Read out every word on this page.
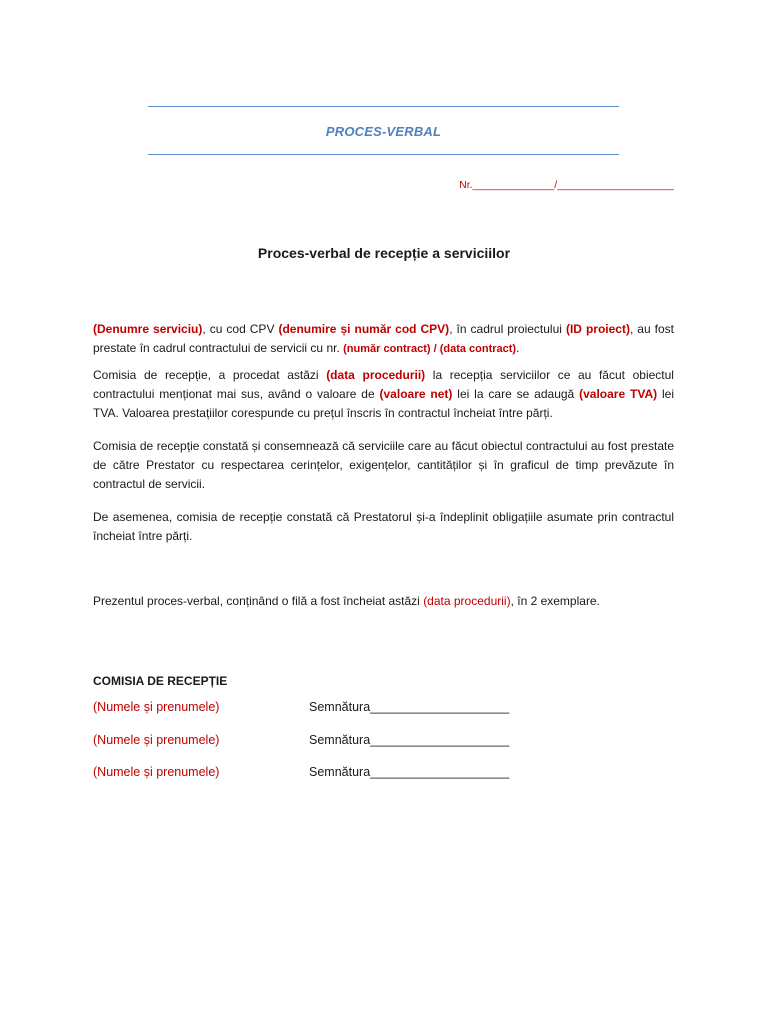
PROCES-VERBAL
Nr.______________/____________________
Proces-verbal de recepție a serviciilor

(Denumre serviciu), cu cod CPV (denumire și număr cod CPV), în cadrul proiectului (ID proiect), au fost prestate în cadrul contractului de servicii cu nr. (număr contract) / (data contract).

Comisia de recepție, a procedat astăzi (data procedurii) la recepția serviciilor ce au făcut obiectul contractului menționat mai sus, având o valoare de (valoare net) lei la care se adaugă (valoare TVA) lei TVA. Valoarea prestațiilor corespunde cu prețul înscris în contractul încheiat între părți.

Comisia de recepție constată și consemnează că serviciile care au făcut obiectul contractului au fost prestate de către Prestator cu respectarea cerințelor, exigențelor, cantităților și în graficul de timp prevăzute în contractul de servicii.

De asemenea, comisia de recepție constată că Prestatorul și-a îndeplinit obligațiile asumate prin contractul încheiat între părți.

Prezentul proces-verbal, conținând o filă a fost încheiat astăzi (data procedurii), în 2 exemplare.

COMISIA DE RECEPȚIE
(Numele și prenumele)	Semnătura____________________
(Numele și prenumele)	Semnătura____________________
(Numele și prenumele)	Semnătura____________________
